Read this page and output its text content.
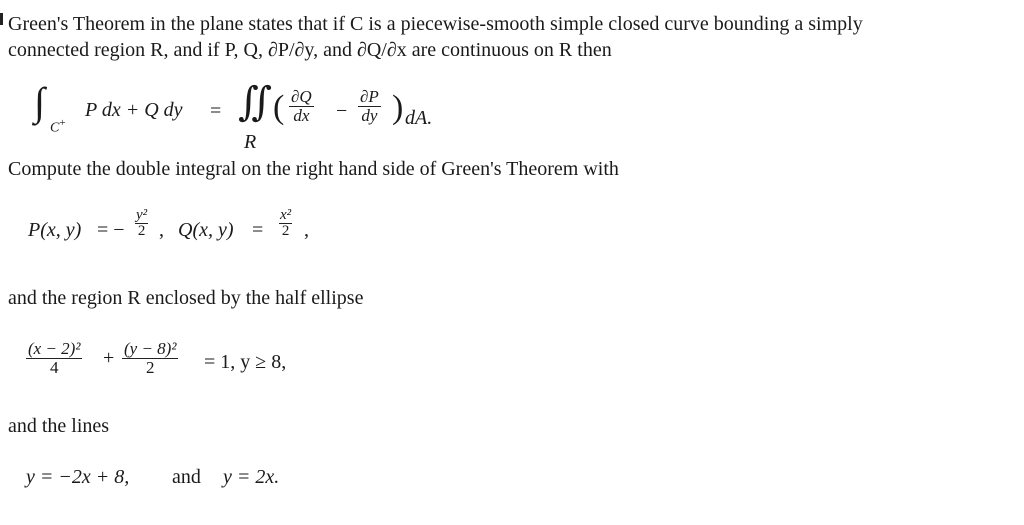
Green's Theorem in the plane states that if C is a piecewise-smooth simple closed curve bounding a simply
connected region R, and if P, Q, ∂P/∂y, and ∂Q/∂x are continuous on R then
∫
C+
P dx + Q dy = ∬
R
( $\frac{\partial Q}{dx} - \frac{\partial P}{dy}$ ) dA.
Compute the double integral on the right hand side of Green's Theorem with
P(x, y) = −
y²
2 , Q(x, y) =
x²
2 ,
and the region R enclosed by the half ellipse
$\frac{\text{(x − 2)²}}{4} + \frac{\text{(y − 8)²}}{2} = 1$, y ≥ 8,
and the lines
y = −2x + 8, and y = 2x.
